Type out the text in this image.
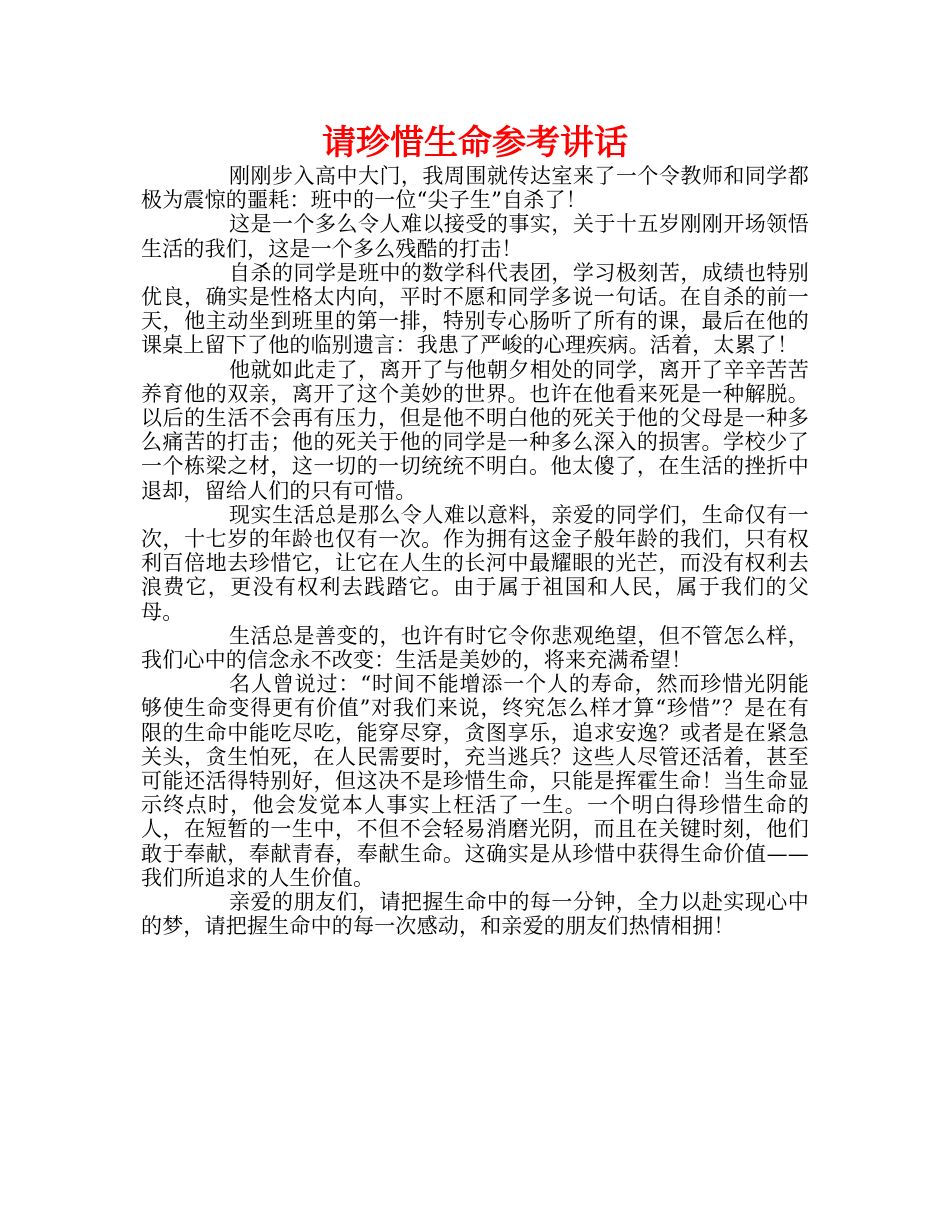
请珍惜生命参考讲话

刚刚步入高中大门，我周围就传达室来了一个令教师和同学都极为震惊的噩耗：班中的一位“尖子生”自杀了！

这是一个多么令人难以接受的事实，关于十五岁刚刚开场领悟生活的我们，这是一个多么残酷的打击！

自杀的同学是班中的数学科代表团，学习极刻苦，成绩也特别优良，确实是性格太内向，平时不愿和同学多说一句话。在自杀的前一天，他主动坐到班里的第一排，特别专心肠听了所有的课，最后在他的课桌上留下了他的临别遗言：我患了严峻的心理疾病。活着，太累了！

他就如此走了，离开了与他朝夕相处的同学，离开了辛辛苦苦养育他的双亲，离开了这个美妙的世界。也许在他看来死是一种解脱。以后的生活不会再有压力，但是他不明白他的死关于他的父母是一种多么痛苦的打击；他的死关于他的同学是一种多么深入的损害。学校少了一个栋梁之材，这一切的一切统统不明白。他太傻了，在生活的挫折中退却，留给人们的只有可惜。

现实生活总是那么令人难以意料，亲爱的同学们，生命仅有一次，十七岁的年龄也仅有一次。作为拥有这金子般年龄的我们，只有权利百倍地去珍惜它，让它在人生的长河中最耀眼的光芒，而没有权利去浪费它，更没有权利去践踏它。由于属于祖国和人民，属于我们的父母。

生活总是善变的，也许有时它令你悲观绝望，但不管怎么样，我们心中的信念永不改变：生活是美妙的，将来充满希望！

名人曾说过：“时间不能增添一个人的寿命，然而珍惜光阴能够使生命变得更有价值”对我们来说，终究怎么样才算“珍惜”？是在有限的生命中能吃尽吃，能穿尽穿，贪图享乐，追求安逸？或者是在紧急关头，贪生怕死，在人民需要时，充当逃兵？这些人尽管还活着，甚至可能还活得特别好，但这决不是珍惜生命，只能是挥霍生命！当生命显示终点时，他会发觉本人事实上枉活了一生。一个明白得珍惜生命的人，在短暂的一生中，不但不会轻易消磨光阴，而且在关键时刻，他们敢于奉献，奉献青春，奉献生命。这确实是从珍惜中获得生命价值——我们所追求的人生价值。

亲爱的朋友们，请把握生命中的每一分钟，全力以赴实现心中的梦，请把握生命中的每一次感动，和亲爱的朋友们热情相拥！
